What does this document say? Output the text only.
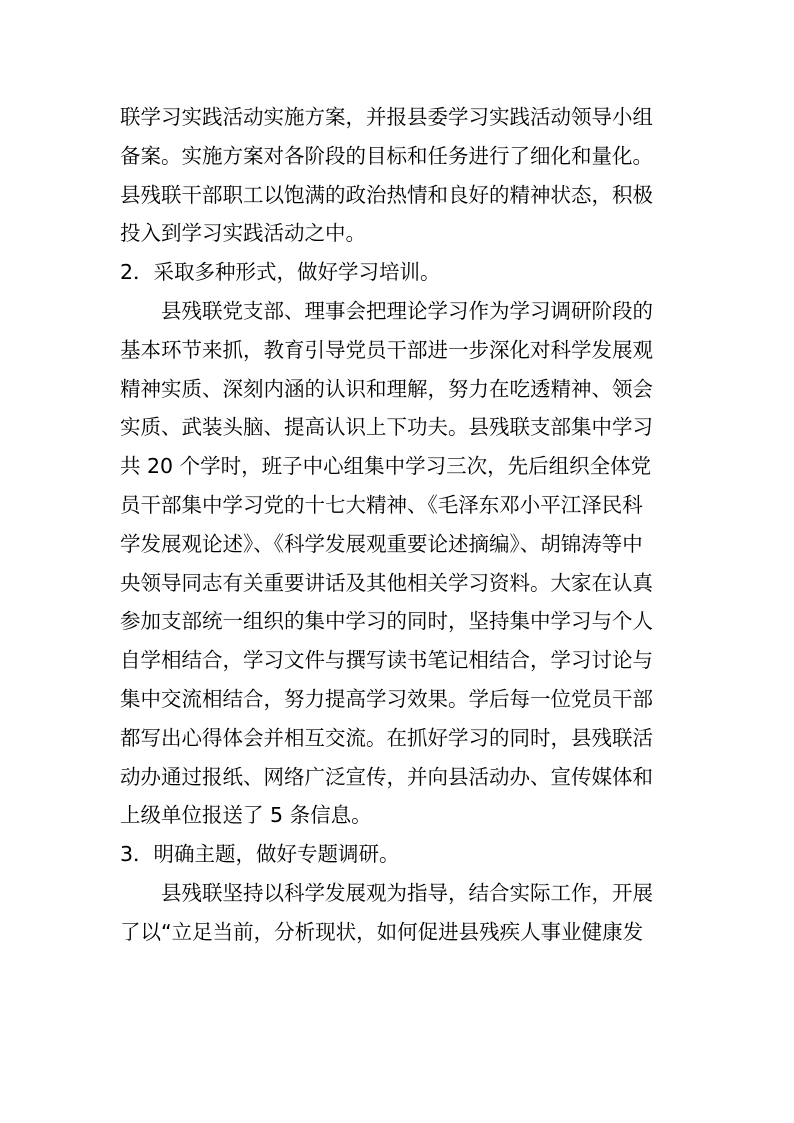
联学习实践活动实施方案，并报县委学习实践活动领导小组
备案。实施方案对各阶段的目标和任务进行了细化和量化。
县残联干部职工以饱满的政治热情和良好的精神状态，积极
投入到学习实践活动之中。
2．采取多种形式，做好学习培训。
县残联党支部、理事会把理论学习作为学习调研阶段的
基本环节来抓，教育引导党员干部进一步深化对科学发展观
精神实质、深刻内涵的认识和理解，努力在吃透精神、领会
实质、武装头脑、提高认识上下功夫。县残联支部集中学习
共 20 个学时，班子中心组集中学习三次，先后组织全体党
员干部集中学习党的十七大精神、《毛泽东邓小平江泽民科
学发展观论述》、《科学发展观重要论述摘编》、胡锦涛等中
央领导同志有关重要讲话及其他相关学习资料。大家在认真
参加支部统一组织的集中学习的同时，坚持集中学习与个人
自学相结合，学习文件与撰写读书笔记相结合，学习讨论与
集中交流相结合，努力提高学习效果。学后每一位党员干部
都写出心得体会并相互交流。在抓好学习的同时，县残联活
动办通过报纸、网络广泛宣传，并向县活动办、宣传媒体和
上级单位报送了 5 条信息。
3．明确主题，做好专题调研。
县残联坚持以科学发展观为指导，结合实际工作，开展
了以“立足当前，分析现状，如何促进县残疾人事业健康发
